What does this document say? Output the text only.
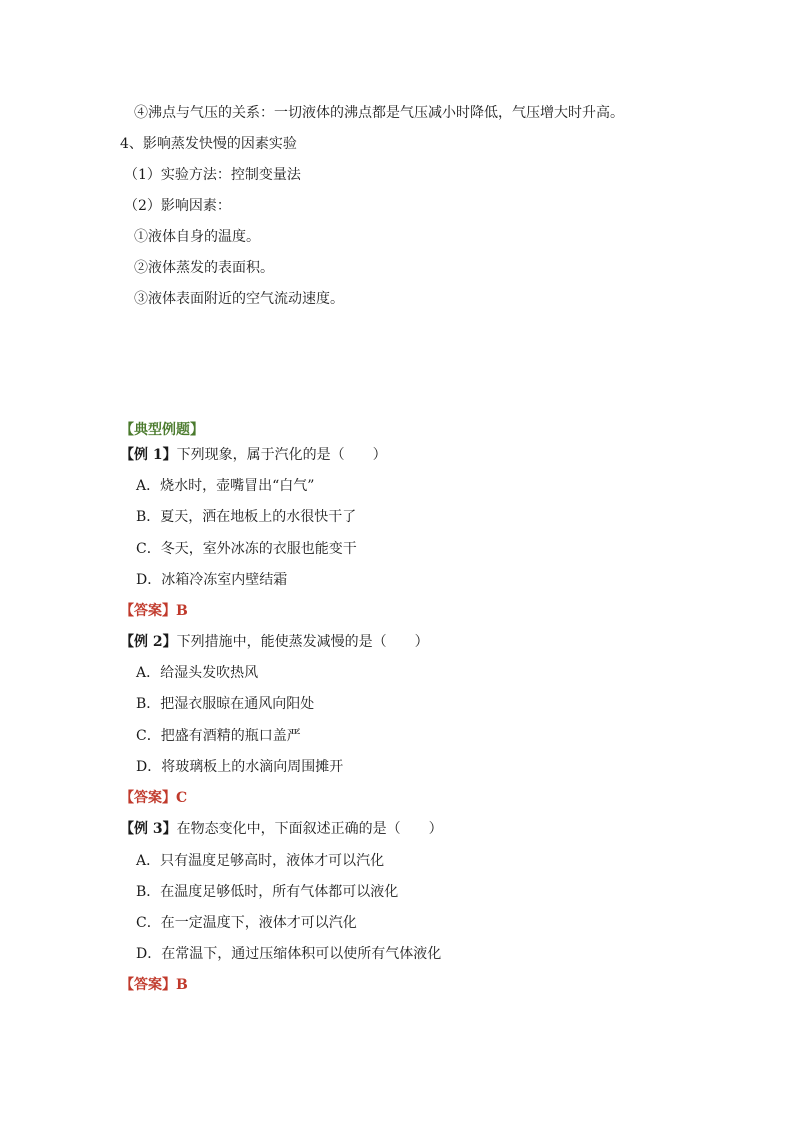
④沸点与气压的关系：一切液体的沸点都是气压减小时降低，气压增大时升高。
4、影响蒸发快慢的因素实验
（1）实验方法：控制变量法
（2）影响因素：
①液体自身的温度。
②液体蒸发的表面积。
③液体表面附近的空气流动速度。
【典型例题】
【例 1】下列现象，属于汽化的是（　　）
A．烧水时，壶嘴冒出“白气”
B．夏天，洒在地板上的水很快干了
C．冬天，室外冰冻的衣服也能变干
D．冰箱冷冻室内壁结霜
【答案】B
【例 2】下列措施中，能使蒸发减慢的是（　　）
A．给湿头发吹热风
B．把湿衣服晾在通风向阳处
C．把盛有酒精的瓶口盖严
D．将玻璃板上的水滴向周围摊开
【答案】C
【例 3】在物态变化中，下面叙述正确的是（　　）
A．只有温度足够高时，液体才可以汽化
B．在温度足够低时，所有气体都可以液化
C．在一定温度下，液体才可以汽化
D．在常温下，通过压缩体积可以使所有气体液化
【答案】B
